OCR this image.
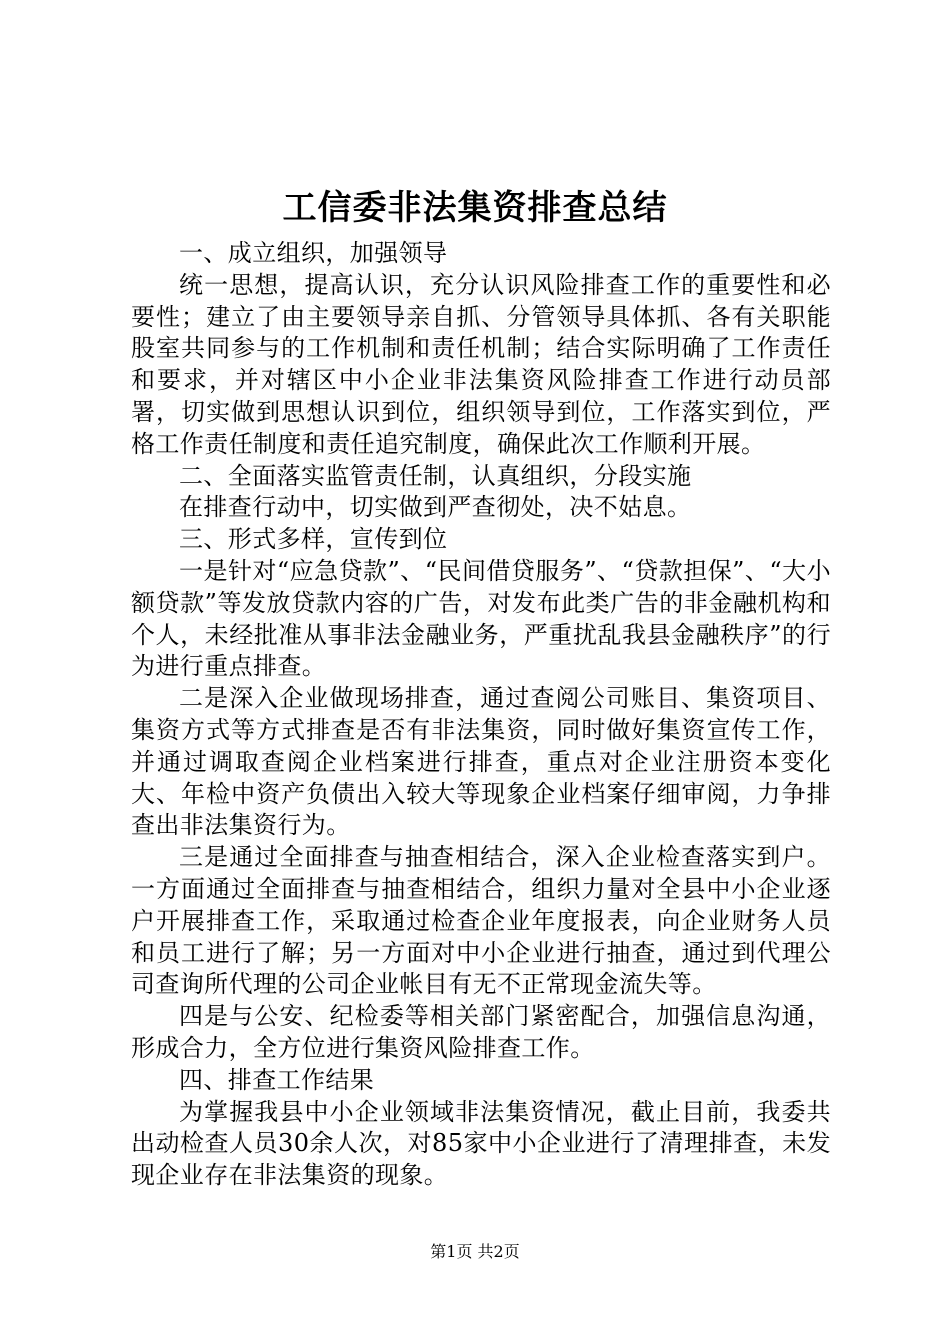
工信委非法集资排查总结

一、成立组织，加强领导

统一思想，提高认识，充分认识风险排查工作的重要性和必要性；建立了由主要领导亲自抓、分管领导具体抓、各有关职能股室共同参与的工作机制和责任机制；结合实际明确了工作责任和要求，并对辖区中小企业非法集资风险排查工作进行动员部署，切实做到思想认识到位，组织领导到位，工作落实到位，严格工作责任制度和责任追究制度，确保此次工作顺利开展。

二、全面落实监管责任制，认真组织，分段实施

在排查行动中，切实做到严查彻处，决不姑息。

三、形式多样，宣传到位

一是针对“应急贷款”、“民间借贷服务”、“贷款担保”、“大小额贷款”等发放贷款内容的广告，对发布此类广告的非金融机构和个人，未经批准从事非法金融业务，严重扰乱我县金融秩序”的行为进行重点排查。

二是深入企业做现场排查，通过查阅公司账目、集资项目、集资方式等方式排查是否有非法集资，同时做好集资宣传工作，并通过调取查阅企业档案进行排查，重点对企业注册资本变化大、年检中资产负债出入较大等现象企业档案仔细审阅，力争排查出非法集资行为。

三是通过全面排查与抽查相结合，深入企业检查落实到户。一方面通过全面排查与抽查相结合，组织力量对全县中小企业逐户开展排查工作，采取通过检查企业年度报表，向企业财务人员和员工进行了解；另一方面对中小企业进行抽查，通过到代理公司查询所代理的公司企业帐目有无不正常现金流失等。

四是与公安、纪检委等相关部门紧密配合，加强信息沟通，形成合力，全方位进行集资风险排查工作。

四、排查工作结果

为掌握我县中小企业领域非法集资情况，截止目前，我委共出动检查人员30余人次，对85家中小企业进行了清理排查，未发现企业存在非法集资的现象。

第1页 共2页
